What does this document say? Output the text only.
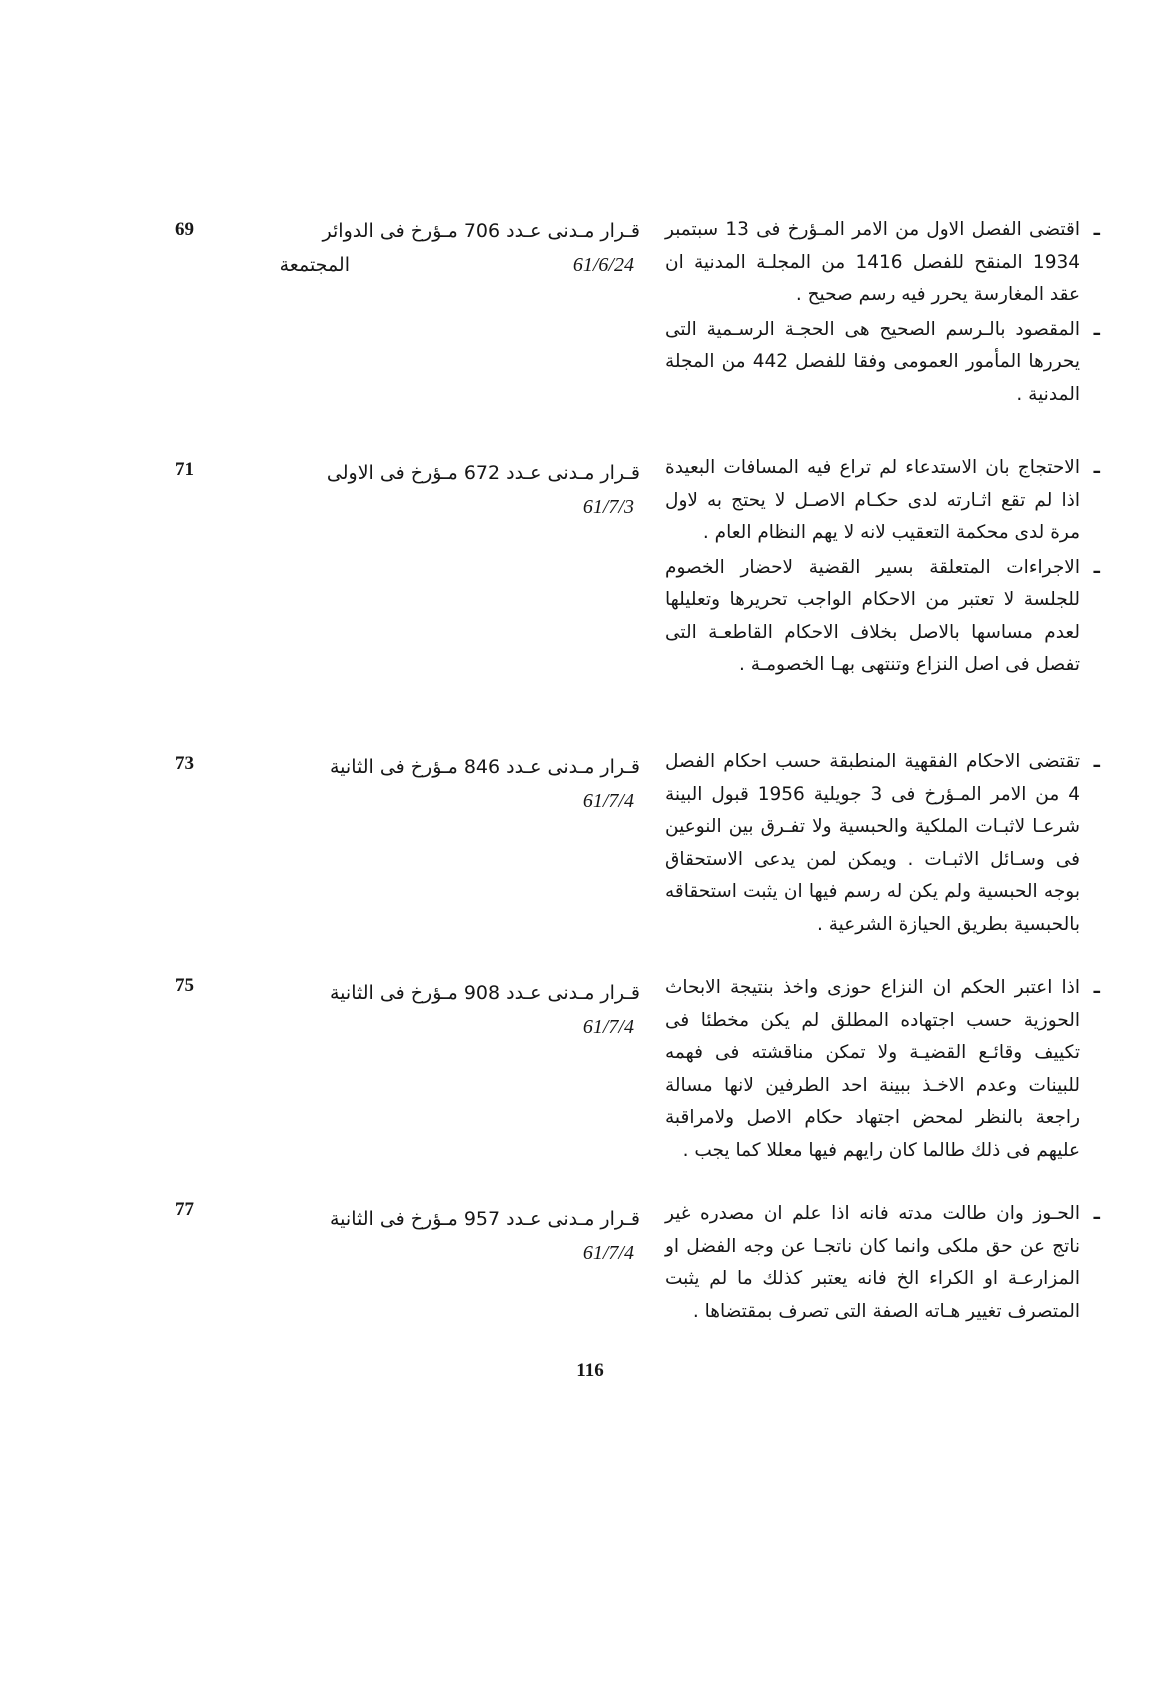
69	قـرار مـدنى عـدد 706 مـؤرخ فى الدوائر
المجتمعة	61/6/24
ـ
اقتضى الفصل الاول من الامر المـؤرخ فى 13 سبتمبر 1934 المنقح للفصل 1416 من المجلـة المدنية ان عقد المغارسة يحرر فيه رسم صحيح .
ـ
المقصود بالـرسم الصحيح هى الحجـة الرسـمية التى يحررها المأمور العمومى وفقا للفصل 442 من المجلة المدنية .
71	قـرار مـدنى عـدد 672 مـؤرخ فى الاولى
61/7/3
ـ
الاحتجاج بان الاستدعاء لم تراع فيه المسافات البعيدة اذا لم تقع اثـارته لدى حكـام الاصـل لا يحتج به لاول مرة لدى محكمة التعقيب لانه لا يهم النظام العام .
ـ
الاجراءات المتعلقة بسير القضية لاحضار الخصوم للجلسة لا تعتبر من الاحكام الواجب تحريرها وتعليلها لعدم مساسها بالاصل بخلاف الاحكام القاطعـة التى تفصل فى اصل النزاع وتنتهى بهـا الخصومـة .
73	قـرار مـدنى عـدد 846 مـؤرخ فى الثانية
61/7/4
ـ
تقتضى الاحكام الفقهية المنطبقة حسب احكام الفصل 4 من الامر المـؤرخ فى 3 جويلية 1956 قبول البينة شرعـا لاثبـات الملكية والحبسية ولا تفـرق بين النوعين فى وسـائل الاثبـات . ويمكن لمن يدعى الاستحقاق بوجه الحبسية ولم يكن له رسم فيها ان يثبت استحقاقه بالحبسية بطريق الحيازة الشرعية .
75	قـرار مـدنى عـدد 908 مـؤرخ فى الثانية
61/7/4
ـ
اذا اعتبر الحكم ان النزاع حوزى واخذ بنتيجة الابحاث الحوزية حسب اجتهاده المطلق لم يكن مخطئا فى تكييف وقائـع القضيـة ولا تمكن مناقشته فى فهمه للبينات وعدم الاخـذ ببينة احد الطرفين لانها مسالة راجعة بالنظر لمحض اجتهاد حكام الاصل ولامراقبة عليهم فى ذلك طالما كان رايهم فيها معللا كما يجب .
77	قـرار مـدنى عـدد 957 مـؤرخ فى الثانية
61/7/4
ـ
الحـوز وان طالت مدته فانه اذا علم ان مصدره غير ناتج عن حق ملكى وانما كان ناتجـا عن وجه الفضل او المزارعـة او الكراء الخ فانه يعتبر كذلك ما لم يثبت المتصرف تغيير هـاته الصفة التى تصرف بمقتضاها .
116
